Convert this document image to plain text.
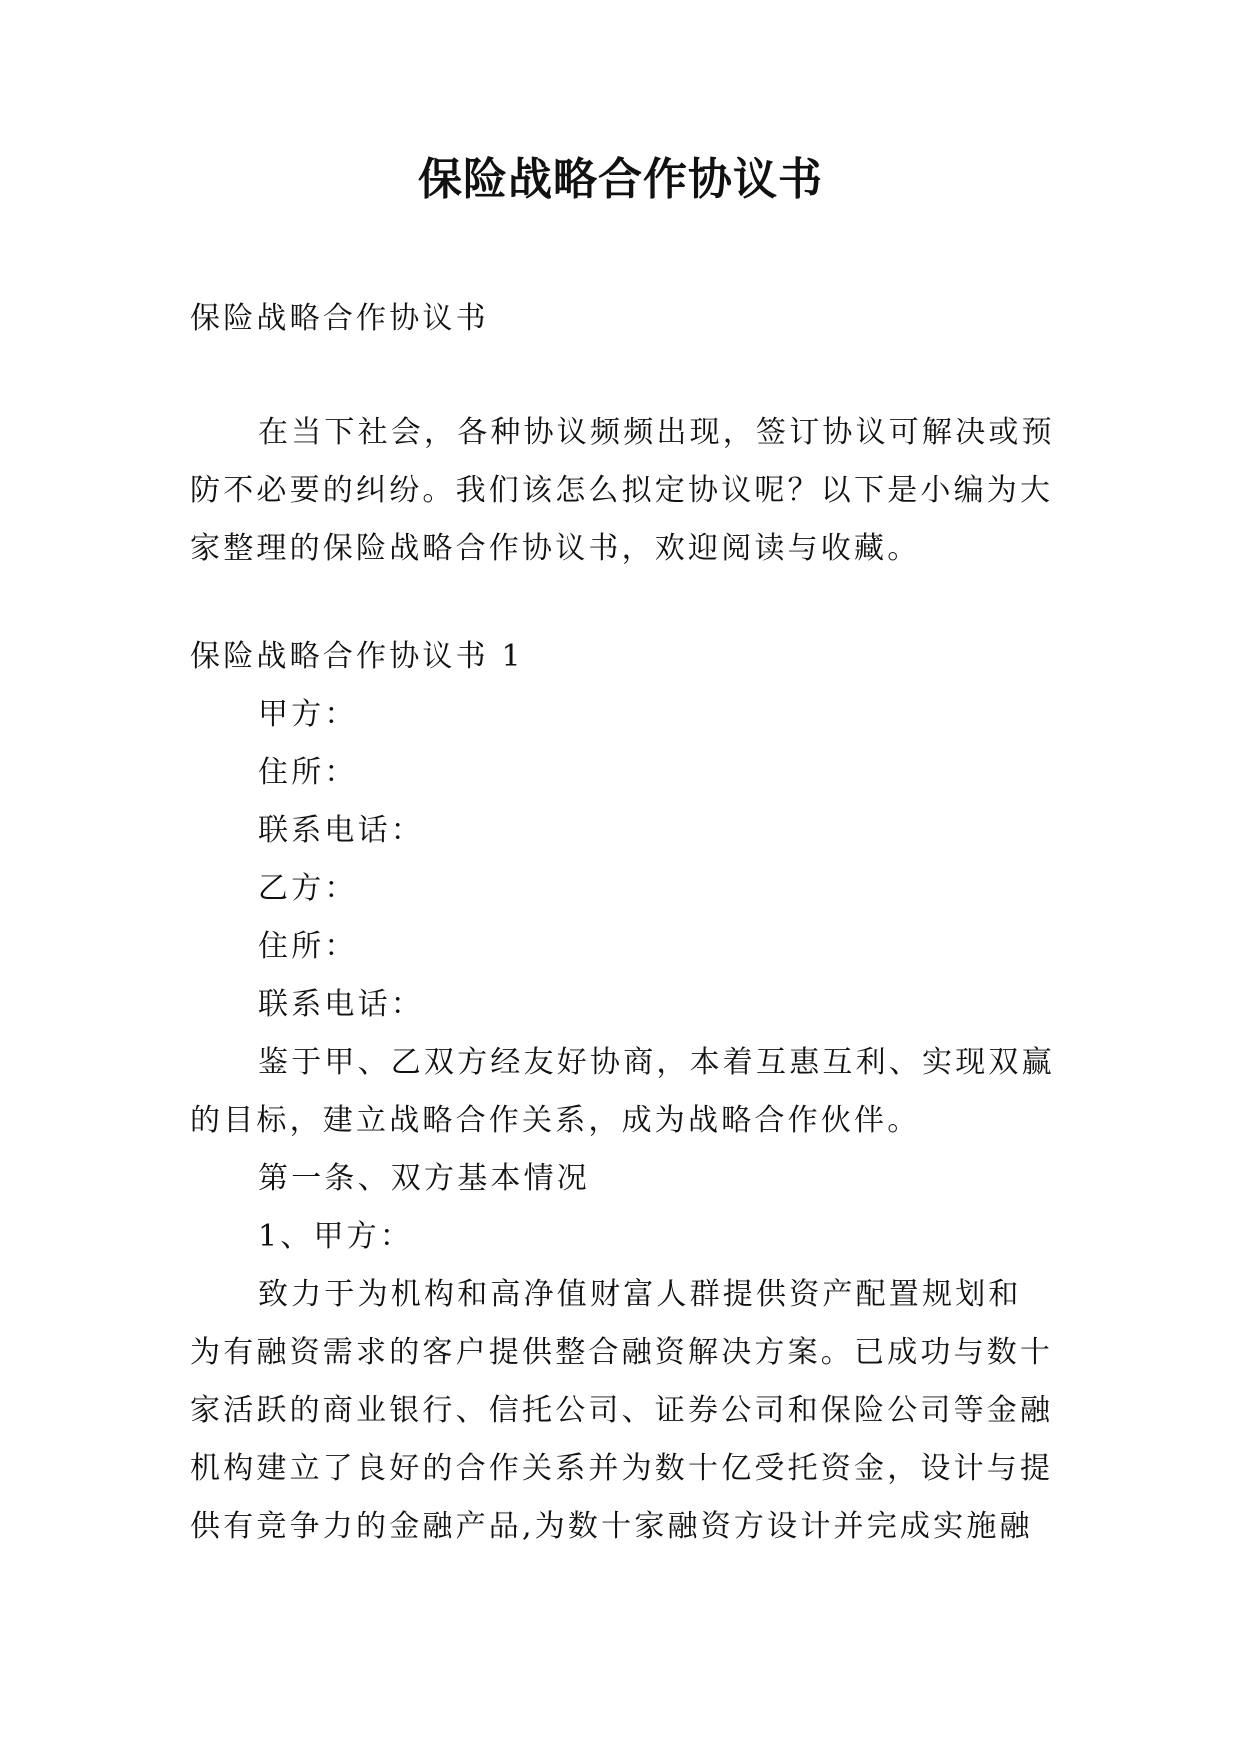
保险战略合作协议书

保险战略合作协议书

在当下社会，各种协议频频出现，签订协议可解决或预

防不必要的纠纷。我们该怎么拟定协议呢？以下是小编为大

家整理的保险战略合作协议书，欢迎阅读与收藏。

保险战略合作协议书 1

甲方：

住所：

联系电话：

乙方：

住所：

联系电话：

鉴于甲、乙双方经友好协商，本着互惠互利、实现双赢

的目标，建立战略合作关系，成为战略合作伙伴。

第一条、双方基本情况

1、甲方：

致力于为机构和高净值财富人群提供资产配置规划和

为有融资需求的客户提供整合融资解决方案。已成功与数十

家活跃的商业银行、信托公司、证券公司和保险公司等金融

机构建立了良好的合作关系并为数十亿受托资金，设计与提

供有竞争力的金融产品,为数十家融资方设计并完成实施融
